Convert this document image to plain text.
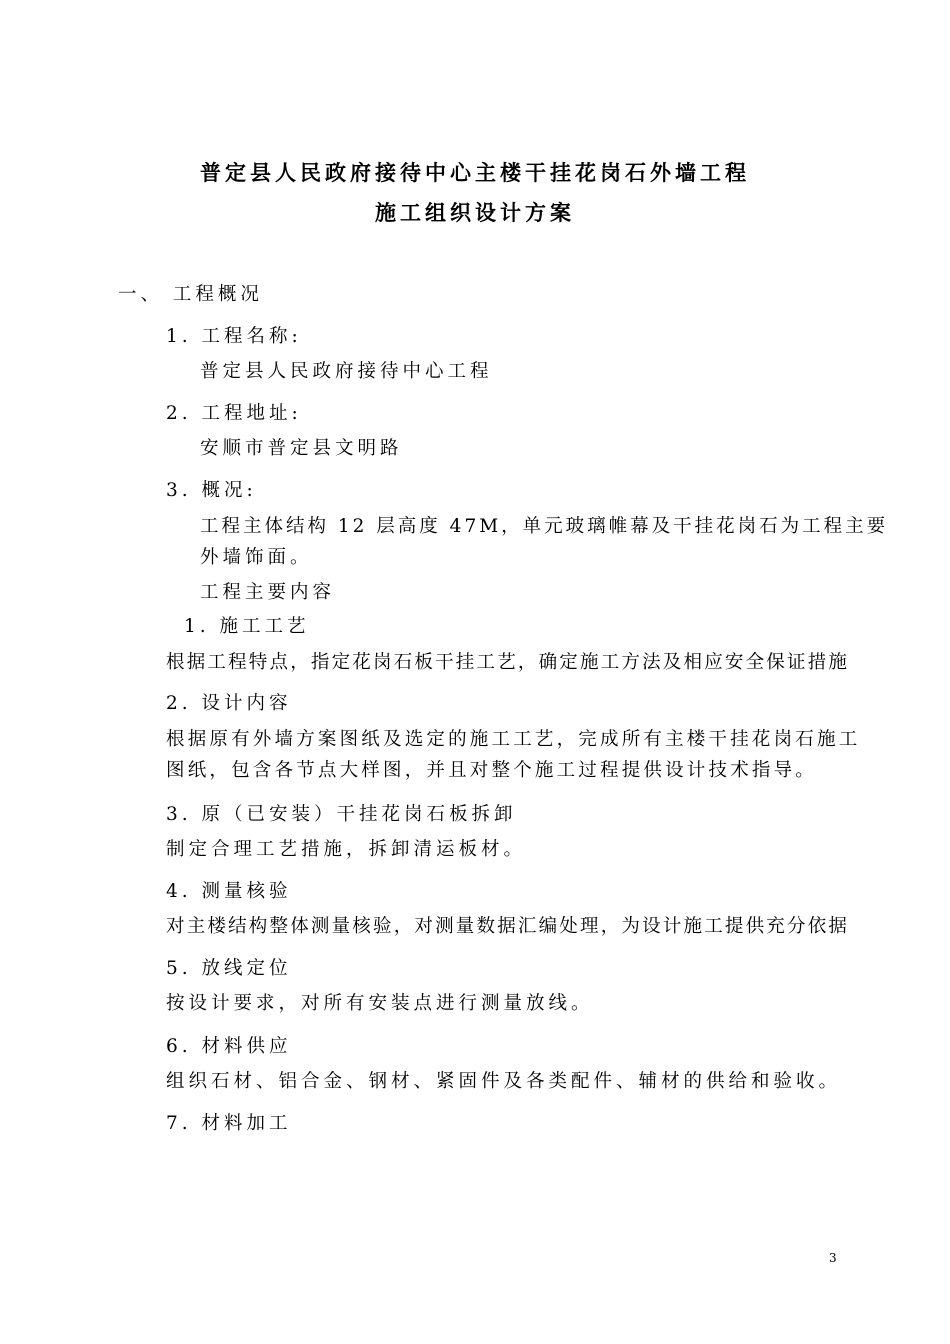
普定县人民政府接待中心主楼干挂花岗石外墙工程
施工组织设计方案
一、 工程概况
1. 工程名称:
普定县人民政府接待中心工程
2. 工程地址:
安顺市普定县文明路
3. 概况:
工程主体结构 12 层高度 47M，单元玻璃帷幕及干挂花岗石为工程主要
外墙饰面。
工程主要内容
1. 施工工艺
根据工程特点，指定花岗石板干挂工艺，确定施工方法及相应安全保证措施
2. 设计内容
根据原有外墙方案图纸及选定的施工工艺，完成所有主楼干挂花岗石施工
图纸，包含各节点大样图，并且对整个施工过程提供设计技术指导。
3. 原（已安装）干挂花岗石板拆卸
制定合理工艺措施，拆卸清运板材。
4. 测量核验
对主楼结构整体测量核验，对测量数据汇编处理，为设计施工提供充分依据
5. 放线定位
按设计要求，对所有安装点进行测量放线。
6. 材料供应
组织石材、铝合金、钢材、紧固件及各类配件、辅材的供给和验收。
7. 材料加工
3
